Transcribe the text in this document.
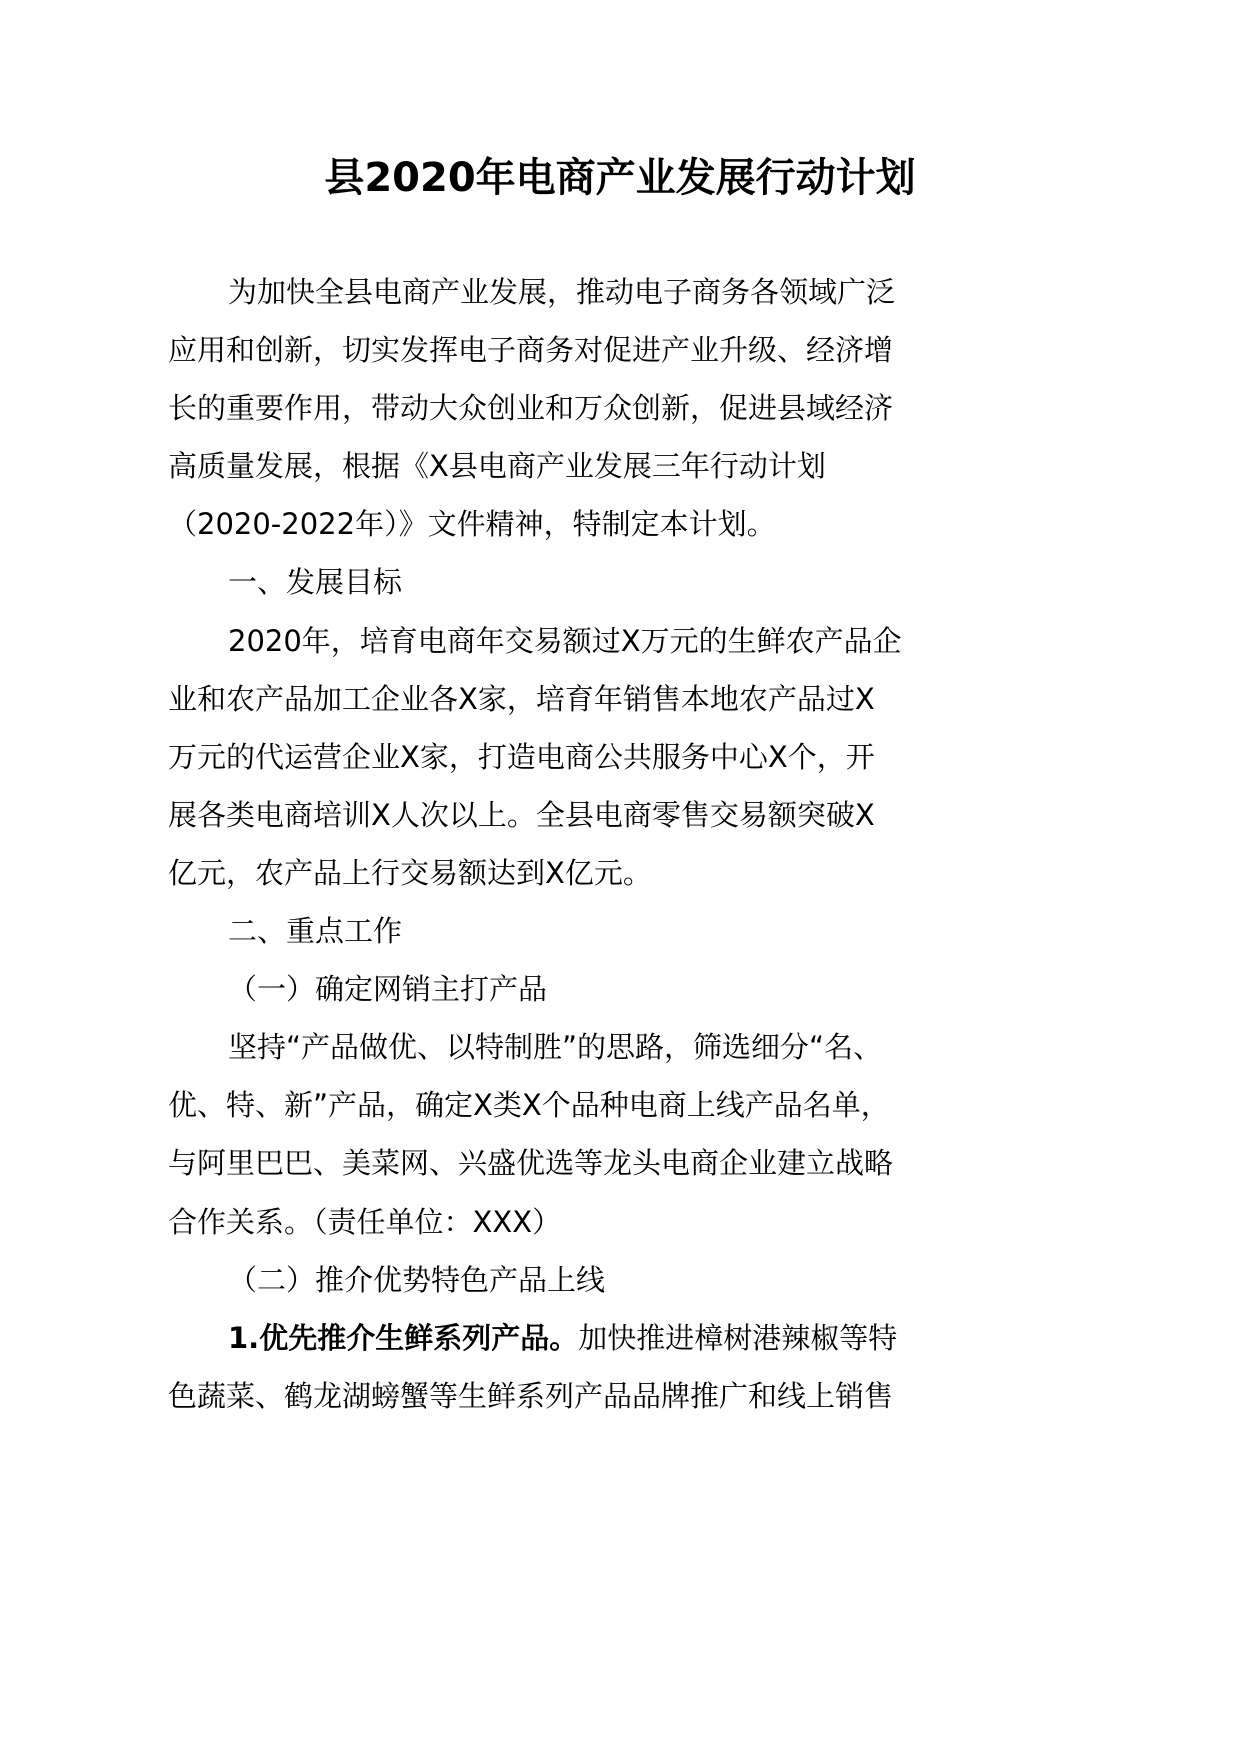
县2020年电商产业发展行动计划
为加快全县电商产业发展，推动电子商务各领域广泛
应用和创新，切实发挥电子商务对促进产业升级、经济增
长的重要作用，带动大众创业和万众创新，促进县域经济
高质量发展，根据《X县电商产业发展三年行动计划
（2020-2022年）》文件精神，特制定本计划。
一、发展目标
2020年，培育电商年交易额过X万元的生鲜农产品企
业和农产品加工企业各X家，培育年销售本地农产品过X
万元的代运营企业X家，打造电商公共服务中心X个，开
展各类电商培训X人次以上。全县电商零售交易额突破X
亿元，农产品上行交易额达到X亿元。
二、重点工作
（一）确定网销主打产品
坚持“产品做优、以特制胜”的思路，筛选细分“名、
优、特、新”产品，确定X类X个品种电商上线产品名单，
与阿里巴巴、美菜网、兴盛优选等龙头电商企业建立战略
合作关系。（责任单位：XXX）
（二）推介优势特色产品上线
1.优先推介生鲜系列产品。加快推进樟树港辣椒等特
色蔬菜、鹤龙湖螃蟹等生鲜系列产品品牌推广和线上销售
